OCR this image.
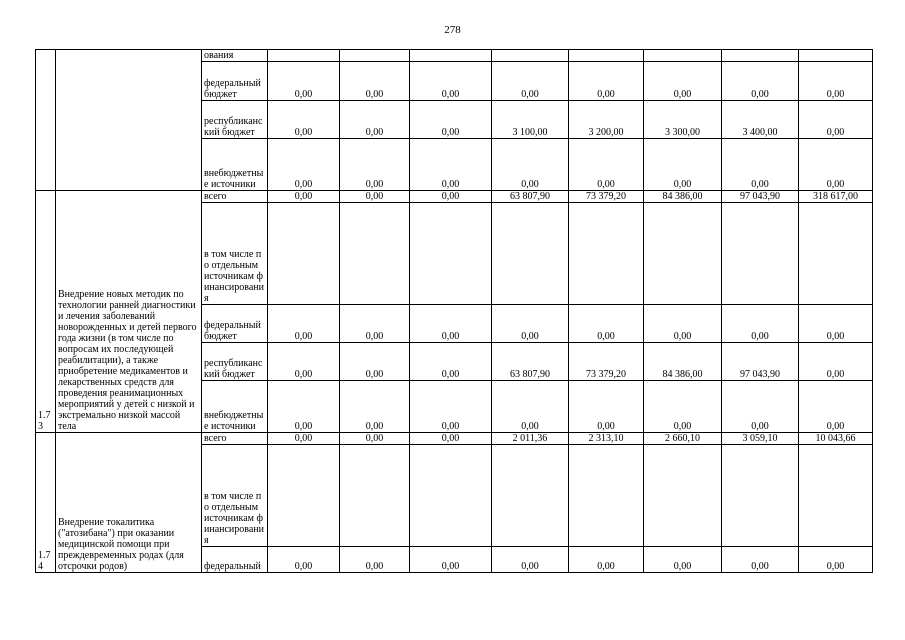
278

		ования								

		федеральный бюджет	0,00	0,00	0,00	0,00	0,00	0,00	0,00	0,00

		республиканский бюджет	0,00	0,00	0,00	3 100,00	3 200,00	3 300,00	3 400,00	0,00

		внебюджетные источники	0,00	0,00	0,00	0,00	0,00	0,00	0,00	0,00

1.73	Внедрение новых методик по технологии ранней диагностики и лечения заболеваний новорожденных и детей первого года жизни (в том числе по вопросам их последующей реабилитации), а также приобретение медикаментов и лекарственных средств для проведения реанимационных мероприятий у детей с низкой и экстремально низкой массой тела	всего	0,00	0,00	0,00	63 807,90	73 379,20	84 386,00	97 043,90	318 617,00

		в том числе по отдельным источникам финансирования								

		федеральный бюджет	0,00	0,00	0,00	0,00	0,00	0,00	0,00	0,00

		республиканский бюджет	0,00	0,00	0,00	63 807,90	73 379,20	84 386,00	97 043,90	0,00

		внебюджетные источники	0,00	0,00	0,00	0,00	0,00	0,00	0,00	0,00

1.74	Внедрение токалитика ("атозибана") при оказании медицинской помощи при преждевременных родах (для отсрочки родов)	всего	0,00	0,00	0,00	2 011,36	2 313,10	2 660,10	3 059,10	10 043,66

		в том числе по отдельным источникам финансирования								

		федеральный	0,00	0,00	0,00	0,00	0,00	0,00	0,00	0,00
